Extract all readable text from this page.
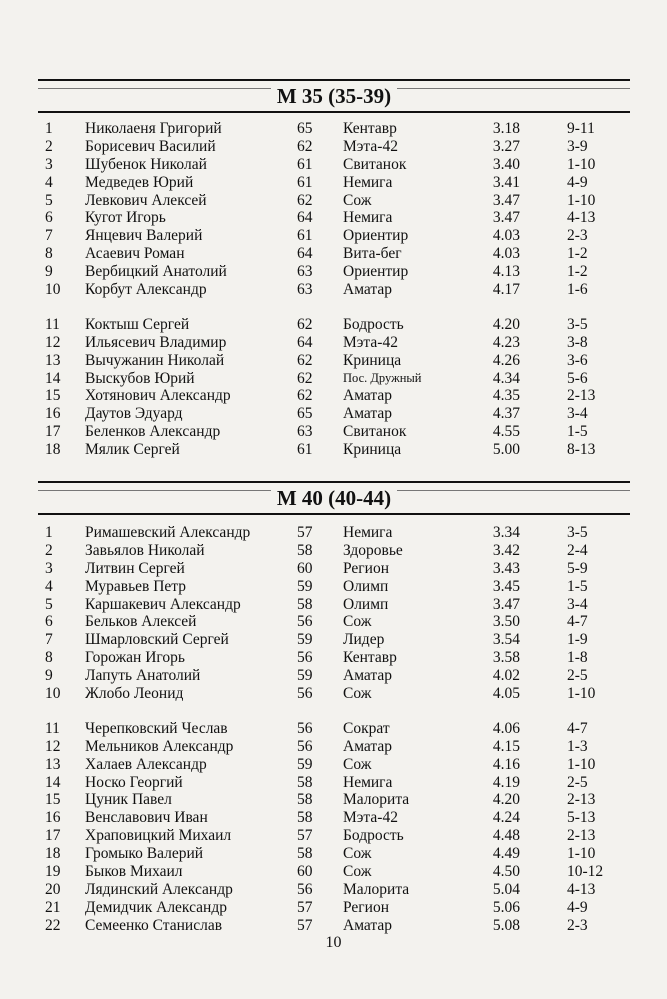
M 35 (35-39)
1	Николаеня Григорий	65	Кентавр	3.18	9-11
2	Борисевич Василий	62	Мэта-42	3.27	3-9
3	Шубенок Николай	61	Свитанок	3.40	1-10
4	Медведев Юрий	61	Немига	3.41	4-9
5	Левкович Алексей	62	Сож	3.47	1-10
6	Кугот Игорь	64	Немига	3.47	4-13
7	Янцевич Валерий	61	Ориентир	4.03	2-3
8	Асаевич Роман	64	Вита-бег	4.03	1-2
9	Вербицкий Анатолий	63	Ориентир	4.13	1-2
10	Корбут Александр	63	Аматар	4.17	1-6
11	Коктыш Сергей	62	Бодрость	4.20	3-5
12	Ильясевич Владимир	64	Мэта-42	4.23	3-8
13	Вычужанин Николай	62	Криница	4.26	3-6
14	Выскубов Юрий	62	Пос. Дружный	4.34	5-6
15	Хотянович Александр	62	Аматар	4.35	2-13
16	Даутов Эдуард	65	Аматар	4.37	3-4
17	Беленков Александр	63	Свитанок	4.55	1-5
18	Мялик Сергей	61	Криница	5.00	8-13
M 40 (40-44)
1	Римашевский Александр	57	Немига	3.34	3-5
2	Завьялов Николай	58	Здоровье	3.42	2-4
3	Литвин Сергей	60	Регион	3.43	5-9
4	Муравьев Петр	59	Олимп	3.45	1-5
5	Каршакевич Александр	58	Олимп	3.47	3-4
6	Бельков Алексей	56	Сож	3.50	4-7
7	Шмарловский Сергей	59	Лидер	3.54	1-9
8	Горожан Игорь	56	Кентавр	3.58	1-8
9	Лапуть Анатолий	59	Аматар	4.02	2-5
10	Жлобо Леонид	56	Сож	4.05	1-10
11	Черепковский Чеслав	56	Сократ	4.06	4-7
12	Мельников Александр	56	Аматар	4.15	1-3
13	Халаев Александр	59	Сож	4.16	1-10
14	Носко Георгий	58	Немига	4.19	2-5
15	Цуник Павел	58	Малорита	4.20	2-13
16	Венславович Иван	58	Мэта-42	4.24	5-13
17	Храповицкий Михаил	57	Бодрость	4.48	2-13
18	Громыко Валерий	58	Сож	4.49	1-10
19	Быков Михаил	60	Сож	4.50	10-12
20	Лядинский Александр	56	Малорита	5.04	4-13
21	Демидчик Александр	57	Регион	5.06	4-9
22	Семеенко Станислав	57	Аматар	5.08	2-3
10
